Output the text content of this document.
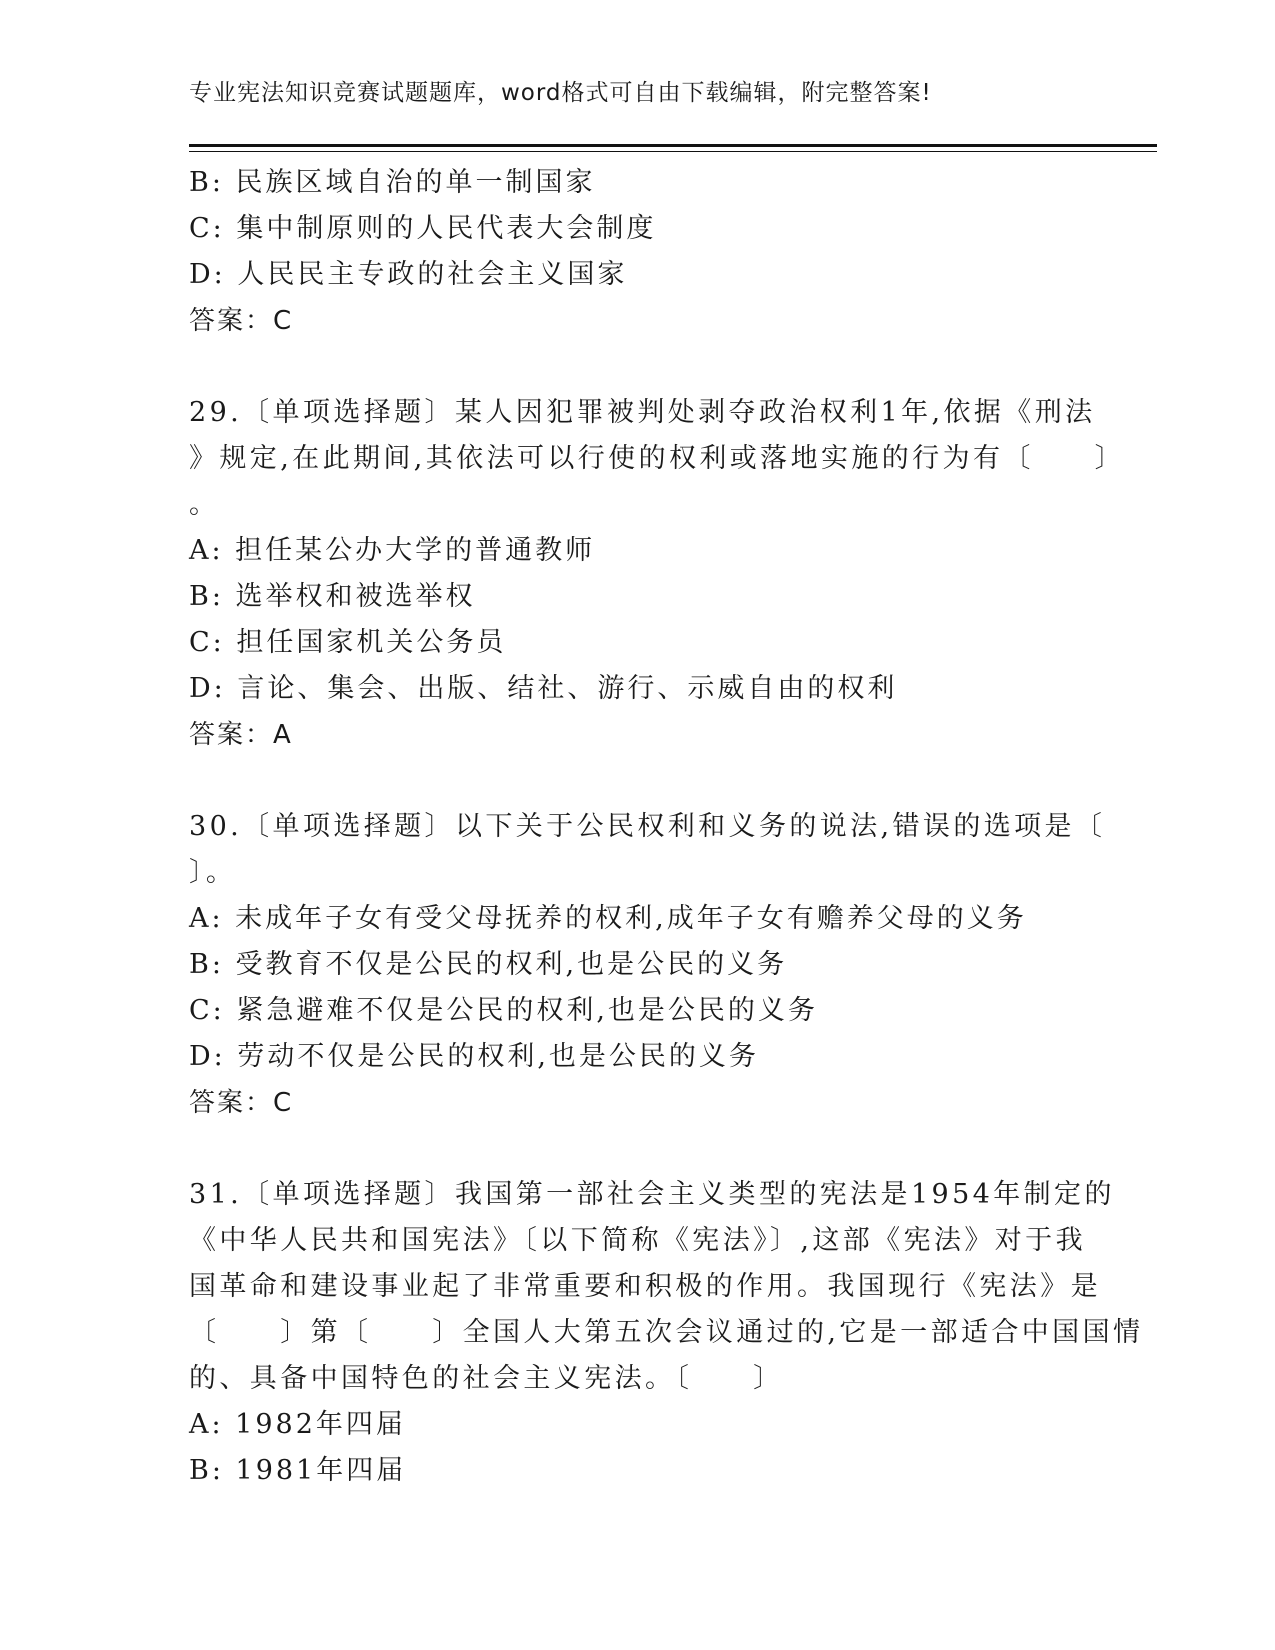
专业宪法知识竞赛试题题库，word格式可自由下载编辑，附完整答案!
B: 民族区域自治的单一制国家
C: 集中制原则的人民代表大会制度
D: 人民民主专政的社会主义国家
答案：C
29.〔单项选择题〕某人因犯罪被判处剥夺政治权利1年,依据《刑法
》规定,在此期间,其依法可以行使的权利或落地实施的行为有〔　　〕
。
A: 担任某公办大学的普通教师
B: 选举权和被选举权
C: 担任国家机关公务员
D: 言论、集会、出版、结社、游行、示威自由的权利
答案：A
30.〔单项选择题〕以下关于公民权利和义务的说法,错误的选项是〔
〕。
A: 未成年子女有受父母抚养的权利,成年子女有赡养父母的义务
B: 受教育不仅是公民的权利,也是公民的义务
C: 紧急避难不仅是公民的权利,也是公民的义务
D: 劳动不仅是公民的权利,也是公民的义务
答案：C
31.〔单项选择题〕我国第一部社会主义类型的宪法是1954年制定的
《中华人民共和国宪法》〔以下简称《宪法》〕,这部《宪法》对于我
国革命和建设事业起了非常重要和积极的作用。我国现行《宪法》是
〔　　〕第〔　　〕全国人大第五次会议通过的,它是一部适合中国国情
的、具备中国特色的社会主义宪法。〔　　〕
A: 1982年四届
B: 1981年四届
